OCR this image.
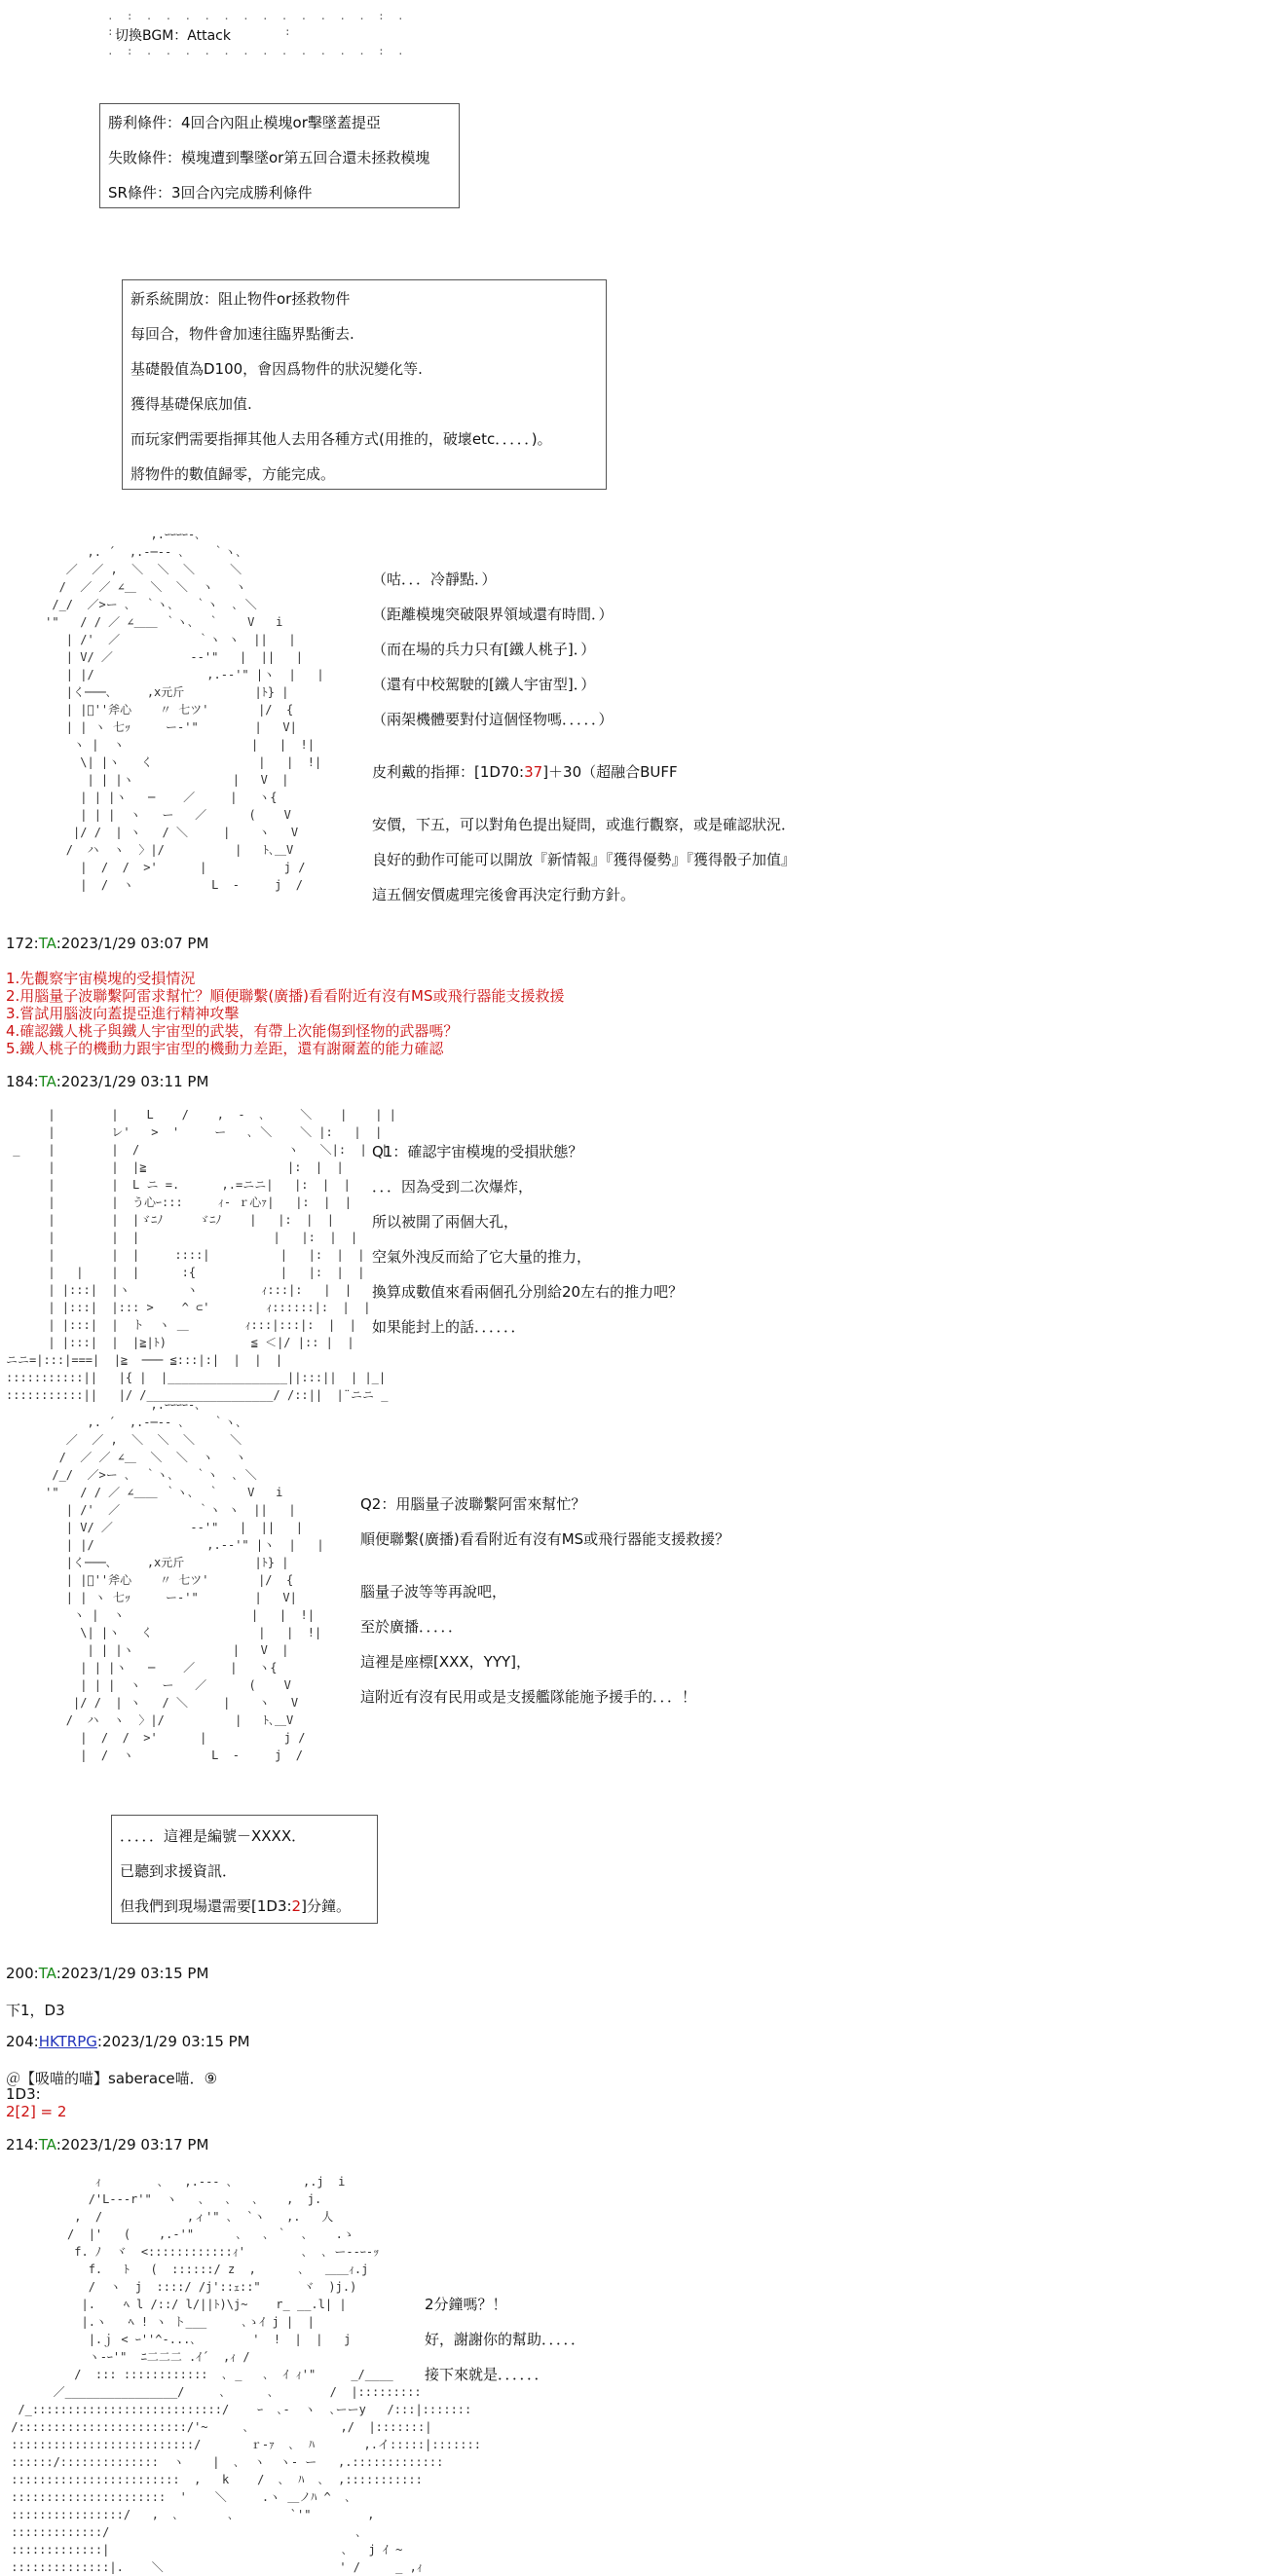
.  :  .  .  .  .  .  .  .  .  .  .  .  .  :  .
切換BGM：Attack
:	:
.  :  .  .  .  .  .  .  .  .  .  .  .  .  :  .
勝利條件：4回合內阻止模塊or擊墜蓋提亞
失敗條件：模塊遭到擊墜or第五回合還未拯救模塊
SR條件：3回合內完成勝利條件
新系統開放：阻止物件or拯救物件
每回合，物件會加速往臨界點衝去.
基礎骰值為D100，會因爲物件的狀況變化等.
獲得基礎保底加值.
而玩家們需要指揮其他人去用各種方式(用推的，破壞etc．．．．．)。
將物件的數值歸零，方能完成。
,.ｰｰｰｰ-､
,. ´  ,.-─‐- ､    ｀ヽ､
／  ／ ,  ＼  ＼  ＼     ＼
/  ／ ／ ∠＿  ＼  ＼  ヽ   ヽ
/_/  ／>ー ､  ｀ヽ､   ｀ヽ  ､ ＼
'"   / / ／ ∠＿＿ ｀ヽ､  ｀    V   i
| /'  ／           ｀ヽ ヽ  ||   |
| V/ ／           -‐'"   |  ||   |
| |/                ,.-‐'" |ヽ  |   |
|く───､     ,x元斤          |ﾄ} |
| |ﾞ''斧心    〃 七ツ'       |/  {
| | ヽ 七ｯ     ー‐'"        |   V|
ヽ |  ヽ                  |   |  !|
\| |ヽ   く               |   |  !|
| | |ヽ              |   V  |
| | |ヽ   ─    ／     |   ヽ{
| | |  ヽ   ー   ／      (    V
|/ /  | ヽ   / ＼     |    ヽ   V
/  ハ  ヽ  〉|/          |   ﾄ､＿V
|  /  /  >'      |           j /
|  /  ヽ           L  -     j  /
（咕．．．冷靜點．）
（距離模塊突破限界領域還有時間．）
（而在場的兵力只有[鐵人桃子]．）
（還有中校駕駛的[鐵人宇宙型]．）
（兩架機體要對付這個怪物嗎．．．．．）
皮利戴的指揮：[1D70:37]＋30（超融合BUFF
安價，下五，可以對角色提出疑問，或進行觀察，或是確認狀況．
良好的動作可能可以開放『新情報』『獲得優勢』『獲得骰子加值』
這五個安價處理完後會再決定行動方針。
172:TA:2023/1/29 03:07 PM
1.先觀察宇宙模塊的受損情況
2.用腦量子波聯繫阿雷求幫忙？順便聯繫(廣播)看看附近有沒有MS或飛行器能支援救援
3.嘗試用腦波向蓋提亞進行精神攻擊
4.確認鐵人桃子與鐵人宇宙型的武裝，有帶上次能傷到怪物的武器嗎？
5.鐵人桃子的機動力跟宇宙型的機動力差距，還有謝爾蓋的能力確認
184:TA:2023/1/29 03:11 PM
|        |    L    /    ,  -  ､     ＼    |    | |
|        レ'   >  '     ー   ､ ＼    ＼ |:   |  |
_    |        |  /                     ヽ   ＼|:  |  |
|        |  |≧                    |:  |  |
|        |  L ニ =.      ,.=ニニ|   |:  |  |
|        |  う心ｰ:::     ｨ- ｒ心ｧ|   |:  |  |
|        |  |ゞﾆﾉ     ゞﾆﾉ    |   |:  |  |
|        |  |                   |   |:  |  |
|        |  |     ::::|          |   |:  |  |
|   |    |  |      :{            |   |:  |  |
| |:::|  |ヽ        ヽ         ｨ:::|:   |  |
| |:::|  |::: >    ^ ⊂'        ｨ::::::|:  |  |
| |:::|  |  ト  ヽ ＿        ｨ:::|:::|:  |  |
| |:::|  |  |≧|ﾄ)            ≦ ＜|/ |:: |  |
ニニ=|:::|===|  |≧  ─── ≦:::|:|  |  |  |
:::::::::::||   |{ |  |_________________||:::||  | |_|
:::::::::::||   |/ /__________________/ /::||  |¨ニニ _
Q1：確認宇宙模塊的受損狀態？
．．．因為受到二次爆炸，
所以被開了兩個大孔，
空氣外洩反而給了它大量的推力，
換算成數值來看兩個孔分別給20左右的推力吧？
如果能封上的話．．．．．．
,.ｰｰｰｰ-､
,. ´  ,.-─‐- ､    ｀ヽ､
／  ／ ,  ＼  ＼  ＼     ＼
/  ／ ／ ∠＿  ＼  ＼  ヽ   ヽ
/_/  ／>ー ､  ｀ヽ､   ｀ヽ  ､ ＼
'"   / / ／ ∠＿＿ ｀ヽ､  ｀    V   i
| /'  ／           ｀ヽ ヽ  ||   |
| V/ ／           -‐'"   |  ||   |
| |/                ,.-‐'" |ヽ  |   |
|く───､     ,x元斤          |ﾄ} |
| |ﾞ''斧心    〃 七ツ'       |/  {
| | ヽ 七ｯ     ー‐'"        |   V|
ヽ |  ヽ                  |   |  !|
\| |ヽ   く               |   |  !|
| | |ヽ              |   V  |
| | |ヽ   ─    ／     |   ヽ{
| | |  ヽ   ー   ／      (    V
|/ /  | ヽ   / ＼     |    ヽ   V
/  ハ  ヽ  〉|/          |   ﾄ､＿V
|  /  /  >'      |           j /
|  /  ヽ           L  -     j  /
Q2：用腦量子波聯繫阿雷來幫忙？
順便聯繫(廣播)看看附近有沒有MS或飛行器能支援救援？
腦量子波等等再說吧，
至於廣播．．．．．
這裡是座標[XXX，YYY]，
這附近有沒有民用或是支援艦隊能施予援手的．．．！
．．．．．這裡是編號－XXXX．
已聽到求援資訊．
但我們到現場還需要[1D3:2]分鐘。
200:TA:2023/1/29 03:15 PM
下1，D3
204:HKTRPG:2023/1/29 03:15 PM
＠【吸喵的喵】saberace喵．⑨
1D3:
2[2] = 2
214:TA:2023/1/29 03:17 PM
ｨ        ､   ,.-‐‐ ､          ,.j  i
/'L-‐-r'"  ヽ   ､   ､   ､    ,  j.
,  /            ,ィ'" ､  `ヽ   ,.   人
/  |'   (    ,.-'"      ､   ､ ｀  ､    .ゝ
f. ﾉ  ヾ  <::::::::::::ｨ'        ､  ､ ー--ｰ‐ｯ
f.   ﾄ   (  ::::::/ z  ,      ､   ＿＿ｨ.j
/  ヽ  j  ::::/ /j'::ｪ::"      ヾ  )j.)
|.    ﾍ l /::/ l/||ﾄ)\j~    r_ __.l| |
|.ヽ   ﾍ ! ヽ ト___     ､ゝｲ j |  |
|.ｊ < ｰ''^-...､        '  !  |  |   j
ヽ-ｰ'"  ﾆ二二二 .ｲ´  ,ｨ /
/  ::: ::::::::::::  ､ _   ､  ｲ ｨ'"     _/____
／________________/     ､      ､        /  |:::::::::
/_:::::::::::::::::::::::::::/    ｰ  ､‐  ヽ  ､ーーy   /:::|:::::::
/::::::::::::::::::::::::/'~     ､             ,/  |:::::::|
::::::::::::::::::::::::::/       ｒ‐ｧ  ､  ﾊ       ,.イ:::::|:::::::
::::::/::::::::::::::  ヽ    |  ､  ヽ  ヽ- ー   ,.:::::::::::::
::::::::::::::::::::::::  ,   k    /  ､  ﾊ  ､  ,:::::::::::
::::::::::::::::::::::  '    ＼     .ヽ ＿ノﾊ ^  ､
::::::::::::::::/   ,  ､       ､        `'"        ,
:::::::::::::/                                   ､
:::::::::::::|                                 ､   j ｲ ~
::::::::::::::|.    ＼                         ' /     _ ,ｨ
2分鐘嗎？！
好，謝謝你的幫助．．．．．
接下來就是．．．．．．
